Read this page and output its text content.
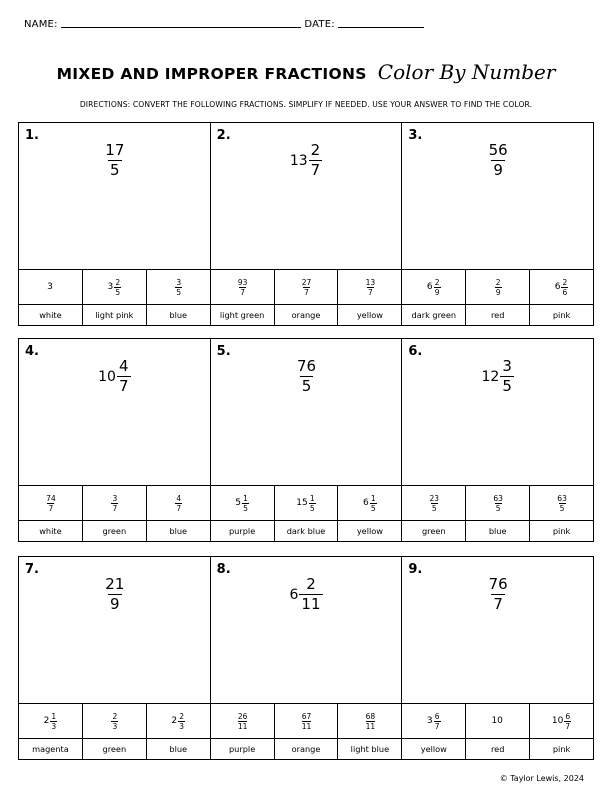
NAME:	DATE:
MIXED AND IMPROPER FRACTIONS Color By Number
DIRECTIONS: CONVERT THE FOLLOWING FRACTIONS. SIMPLIFY IF NEEDED. USE YOUR ANSWER TO FIND THE COLOR.
1.
$\frac{17}{5}$
2.
$13 \frac{2}{7}$
3.
$\frac{56}{9}$
3	$3 \frac{2}{5}$	$\frac{3}{5}$	$\frac{93}{7}$	$\frac{27}{7}$	$\frac{13}{7}$	$6 \frac{2}{9}$	$\frac{2}{9}$	$6 \frac{2}{6}$
white	light pink	blue	light green	orange	yellow	dark green	red	pink
4.
$10 \frac{4}{7}$
5.
$\frac{76}{5}$
6.
$12 \frac{3}{5}$
$\frac{74}{7}$	$\frac{3}{7}$	$\frac{4}{7}$	$5 \frac{1}{5}$	$15 \frac{1}{5}$	$6 \frac{1}{5}$	$\frac{23}{5}$	$\frac{63}{5}$	$\frac{63}{5}$
white	green	blue	purple	dark blue	yellow	green	blue	pink
7.
$\frac{21}{9}$
8.
$6 \frac{2}{11}$
9.
$\frac{76}{7}$
$2 \frac{1}{3}$	$\frac{2}{3}$	$2 \frac{2}{3}$	$\frac{26}{11}$	$\frac{67}{11}$	$\frac{68}{11}$	$3 \frac{6}{7}$	10	$10 \frac{6}{7}$
magenta	green	blue	purple	orange	light blue	yellow	red	pink
© Taylor Lewis, 2024
